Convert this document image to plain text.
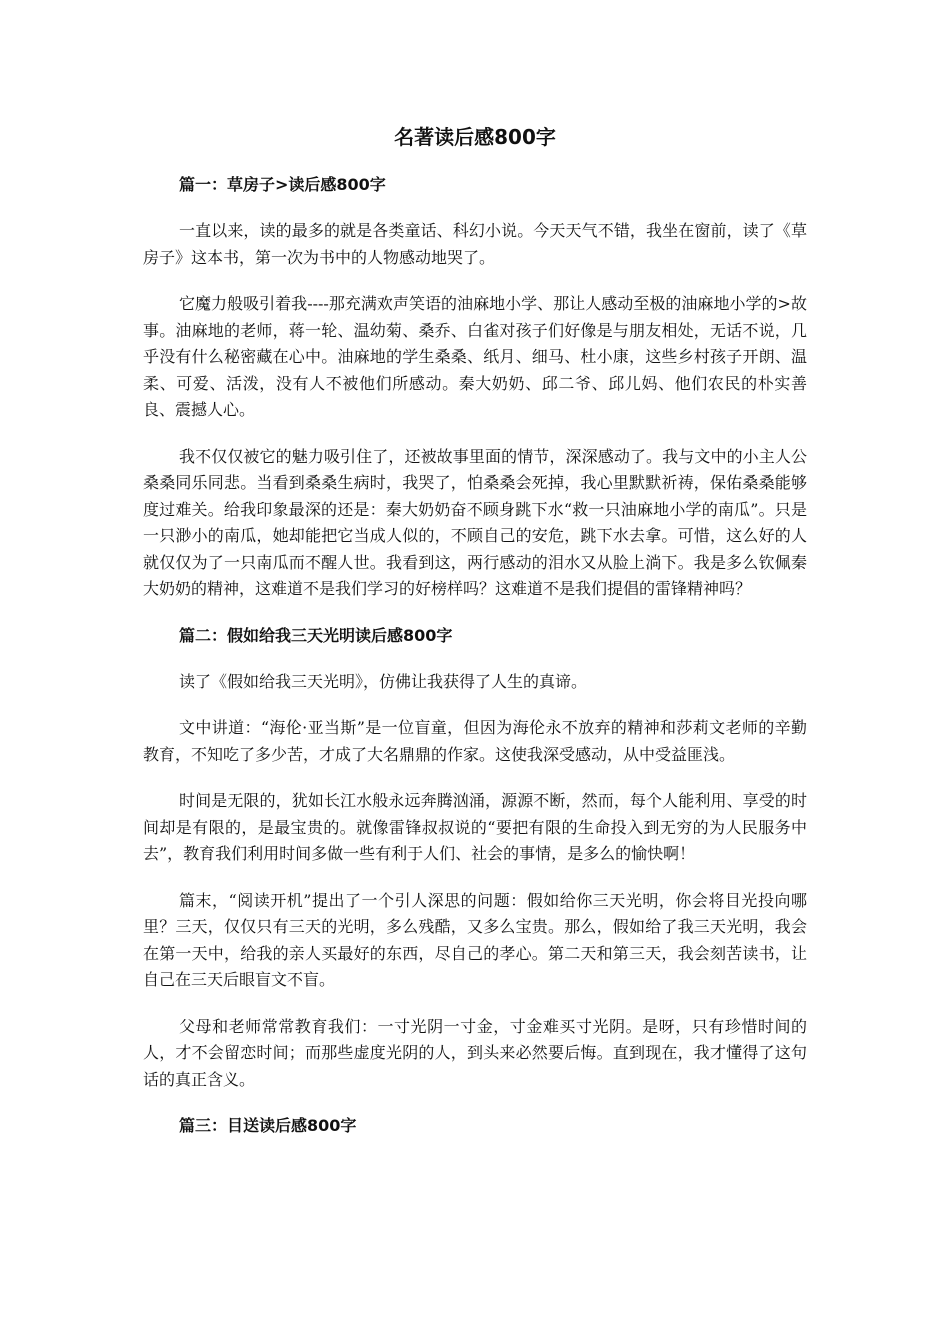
名著读后感800字
篇一：草房子>读后感800字

一直以来，读的最多的就是各类童话、科幻小说。今天天气不错，我坐在窗前，读了《草房子》这本书，第一次为书中的人物感动地哭了。

它魔力般吸引着我----那充满欢声笑语的油麻地小学、那让人感动至极的油麻地小学的>故事。油麻地的老师，蒋一轮、温幼菊、桑乔、白雀对孩子们好像是与朋友相处，无话不说，几乎没有什么秘密藏在心中。油麻地的学生桑桑、纸月、细马、杜小康，这些乡村孩子开朗、温柔、可爱、活泼，没有人不被他们所感动。秦大奶奶、邱二爷、邱儿妈、他们农民的朴实善良、震撼人心。

我不仅仅被它的魅力吸引住了，还被故事里面的情节，深深感动了。我与文中的小主人公桑桑同乐同悲。当看到桑桑生病时，我哭了，怕桑桑会死掉，我心里默默祈祷，保佑桑桑能够度过难关。给我印象最深的还是：秦大奶奶奋不顾身跳下水“救一只油麻地小学的南瓜”。只是一只渺小的南瓜，她却能把它当成人似的，不顾自己的安危，跳下水去拿。可惜，这么好的人就仅仅为了一只南瓜而不醒人世。我看到这，两行感动的泪水又从脸上淌下。我是多么钦佩秦大奶奶的精神，这难道不是我们学习的好榜样吗？这难道不是我们提倡的雷锋精神吗？

篇二：假如给我三天光明读后感800字

读了《假如给我三天光明》，仿佛让我获得了人生的真谛。

文中讲道：“海伦·亚当斯”是一位盲童，但因为海伦永不放弃的精神和莎莉文老师的辛勤教育，不知吃了多少苦，才成了大名鼎鼎的作家。这使我深受感动，从中受益匪浅。

时间是无限的，犹如长江水般永远奔腾汹涌，源源不断，然而，每个人能利用、享受的时间却是有限的，是最宝贵的。就像雷锋叔叔说的“要把有限的生命投入到无穷的为人民服务中去”，教育我们利用时间多做一些有利于人们、社会的事情，是多么的愉快啊！

篇末，“阅读开机”提出了一个引人深思的问题：假如给你三天光明，你会将目光投向哪里？三天，仅仅只有三天的光明，多么残酷，又多么宝贵。那么，假如给了我三天光明，我会在第一天中，给我的亲人买最好的东西，尽自己的孝心。第二天和第三天，我会刻苦读书，让自己在三天后眼盲文不盲。

父母和老师常常教育我们：一寸光阴一寸金，寸金难买寸光阴。是呀，只有珍惜时间的人，才不会留恋时间；而那些虚度光阴的人，到头来必然要后悔。直到现在，我才懂得了这句话的真正含义。

篇三：目送读后感800字
